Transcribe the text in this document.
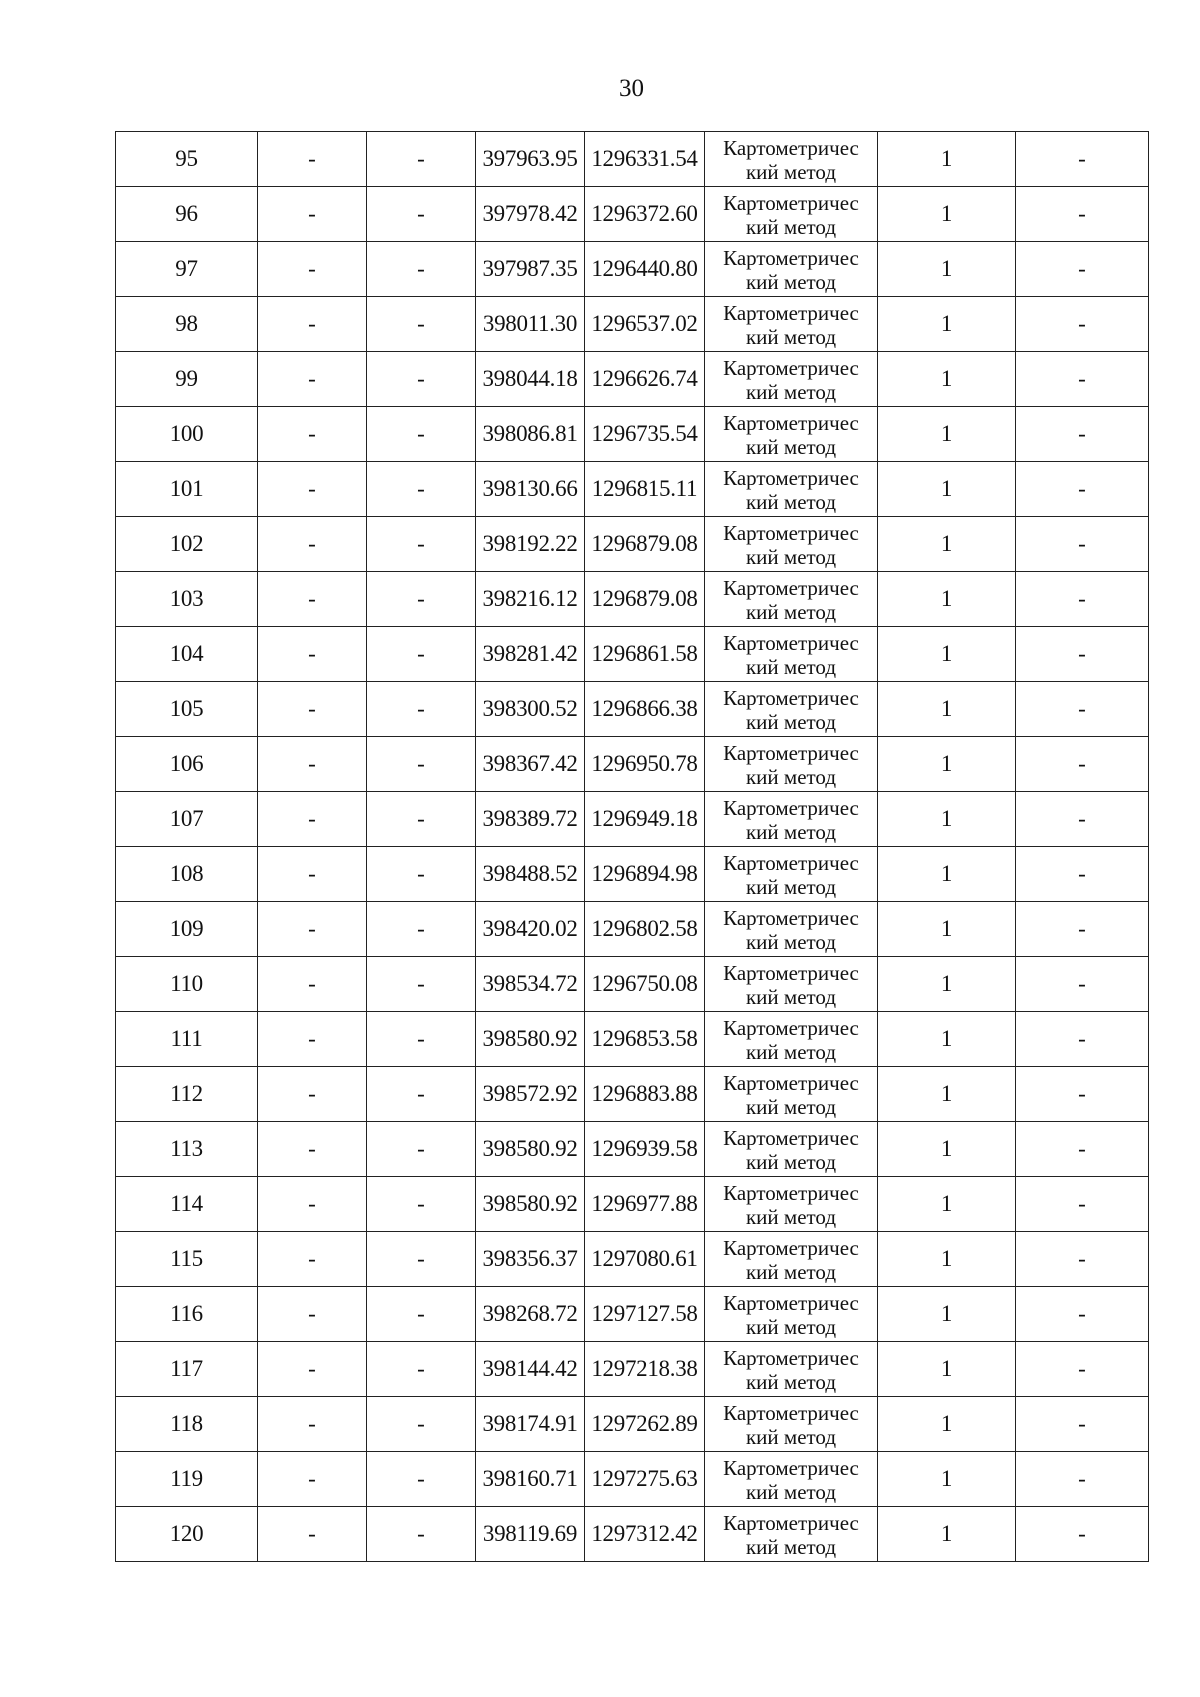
30
95	-	-	397963.95	1296331.54	Картометричес
кий метод	1	-
96	-	-	397978.42	1296372.60	Картометричес
кий метод	1	-
97	-	-	397987.35	1296440.80	Картометричес
кий метод	1	-
98	-	-	398011.30	1296537.02	Картометричес
кий метод	1	-
99	-	-	398044.18	1296626.74	Картометричес
кий метод	1	-
100	-	-	398086.81	1296735.54	Картометричес
кий метод	1	-
101	-	-	398130.66	1296815.11	Картометричес
кий метод	1	-
102	-	-	398192.22	1296879.08	Картометричес
кий метод	1	-
103	-	-	398216.12	1296879.08	Картометричес
кий метод	1	-
104	-	-	398281.42	1296861.58	Картометричес
кий метод	1	-
105	-	-	398300.52	1296866.38	Картометричес
кий метод	1	-
106	-	-	398367.42	1296950.78	Картометричес
кий метод	1	-
107	-	-	398389.72	1296949.18	Картометричес
кий метод	1	-
108	-	-	398488.52	1296894.98	Картометричес
кий метод	1	-
109	-	-	398420.02	1296802.58	Картометричес
кий метод	1	-
110	-	-	398534.72	1296750.08	Картометричес
кий метод	1	-
111	-	-	398580.92	1296853.58	Картометричес
кий метод	1	-
112	-	-	398572.92	1296883.88	Картометричес
кий метод	1	-
113	-	-	398580.92	1296939.58	Картометричес
кий метод	1	-
114	-	-	398580.92	1296977.88	Картометричес
кий метод	1	-
115	-	-	398356.37	1297080.61	Картометричес
кий метод	1	-
116	-	-	398268.72	1297127.58	Картометричес
кий метод	1	-
117	-	-	398144.42	1297218.38	Картометричес
кий метод	1	-
118	-	-	398174.91	1297262.89	Картометричес
кий метод	1	-
119	-	-	398160.71	1297275.63	Картометричес
кий метод	1	-
120	-	-	398119.69	1297312.42	Картометричес
кий метод	1	-
